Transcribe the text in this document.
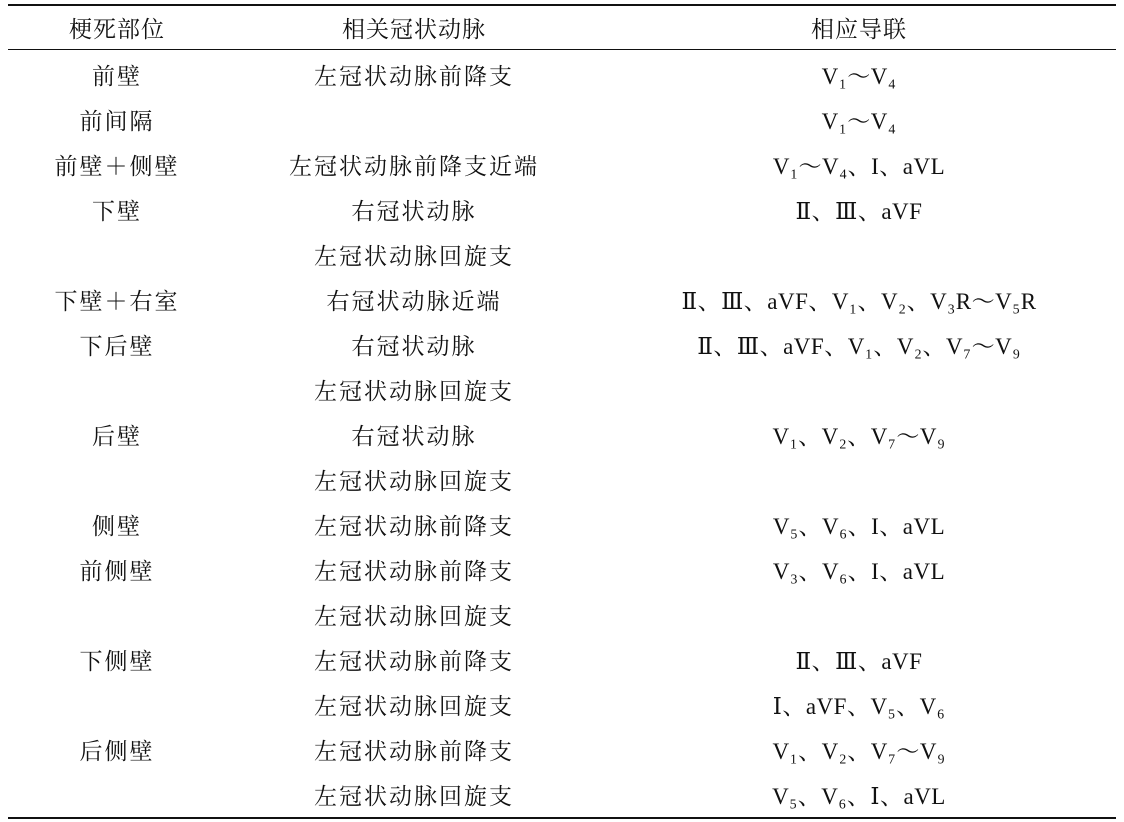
梗死部位	相关冠状动脉	相应导联
前壁	左冠状动脉前降支	V₁～V₄
前间隔		V₁～V₄
前壁＋侧壁	左冠状动脉前降支近端	V₁～V₄、I、aVL
下壁	右冠状动脉	Ⅱ、Ⅲ、aVF
	左冠状动脉回旋支	
下壁＋右室	右冠状动脉近端	Ⅱ、Ⅲ、aVF、V₁、V₂、V₃R～V₅R
下后壁	右冠状动脉	Ⅱ、Ⅲ、aVF、V₁、V₂、V₇～V₉
	左冠状动脉回旋支	
后壁	右冠状动脉	V₁、V₂、V₇～V₉
	左冠状动脉回旋支	
侧壁	左冠状动脉前降支	V₅、V₆、I、aVL
前侧壁	左冠状动脉前降支	V₃、V₆、I、aVL
	左冠状动脉回旋支	
下侧壁	左冠状动脉前降支	Ⅱ、Ⅲ、aVF
	左冠状动脉回旋支	Ⅰ、aVF、V₅、V₆
后侧壁	左冠状动脉前降支	V₁、V₂、V₇～V₉
	左冠状动脉回旋支	V₅、V₆、Ⅰ、aVL
